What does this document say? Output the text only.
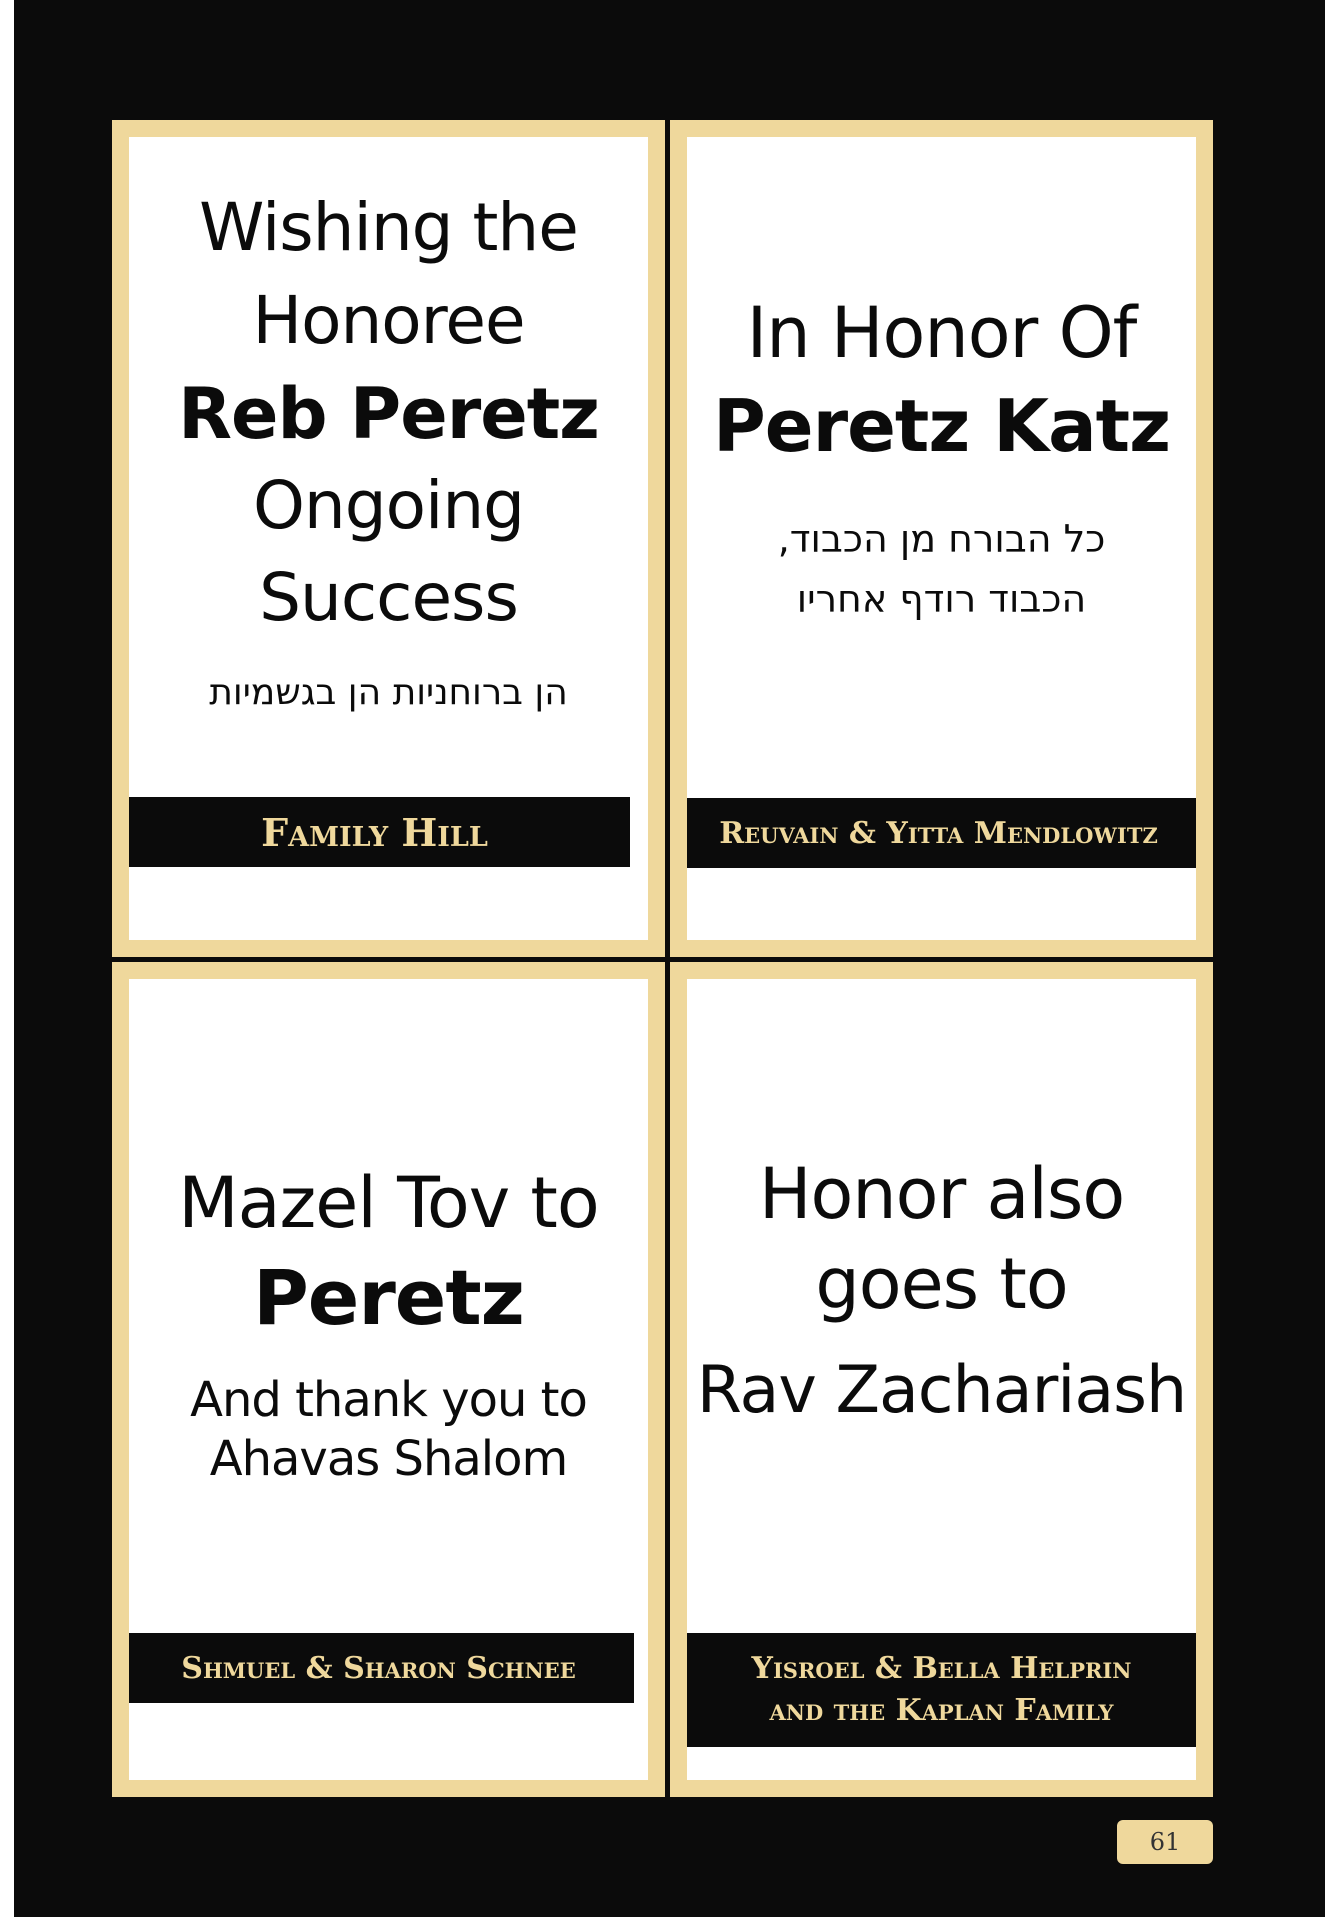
Wishing the
Honoree
Reb Peretz
Ongoing
Success
הן ברוחניות הן בגשמיות
Family Hill
In Honor Of
Peretz Katz
כל הבורח מן הכבוד,
הכבוד רודף אחריו
Reuvain & Yitta Mendlowitz
Mazel Tov to
Peretz
And thank you to
Ahavas Shalom
Shmuel & Sharon Schnee
Honor also
goes to
Rav Zachariash
Yisroel & Bella Helprin
and the Kaplan Family
61
